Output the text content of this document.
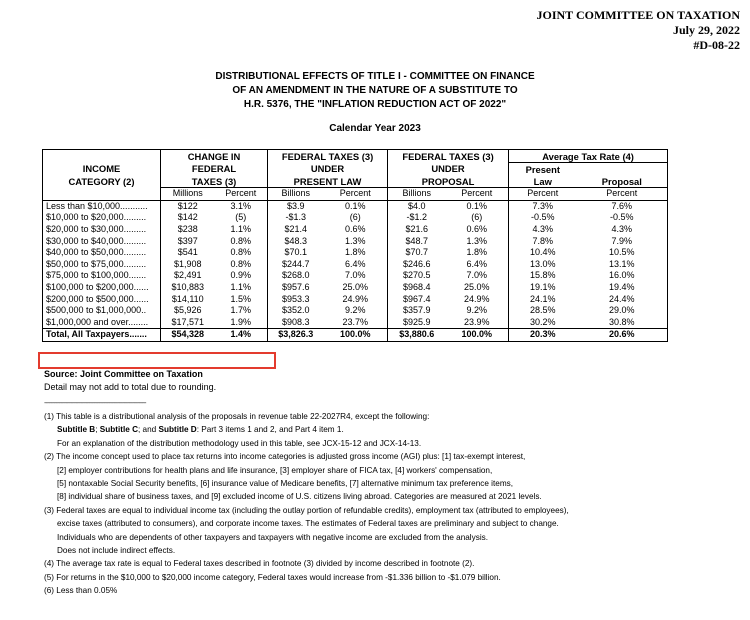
JOINT COMMITTEE ON TAXATION
July 29, 2022
#D-08-22
DISTRIBUTIONAL EFFECTS OF TITLE I - COMMITTEE ON FINANCE
OF AN AMENDMENT IN THE NATURE OF A SUBSTITUTE TO
H.R. 5376, THE "INFLATION REDUCTION ACT OF 2022"
Calendar Year 2023
	CHANGE IN		FEDERAL TAXES (3)		FEDERAL TAXES (3)		Average Tax Rate (4)	
INCOME	FEDERAL		UNDER		UNDER		Present	
CATEGORY (2)	TAXES (3)		PRESENT LAW		PROPOSAL		Law	Proposal
	Millions	Percent	Billions	Percent	Billions	Percent	Percent	Percent
Less than $10,000...........	$122	3.1%	$3.9	0.1%	$4.0	0.1%	7.3%	7.6%
$10,000 to $20,000.........	$142	(5)	-$1.3	(6)	-$1.2	(6)	-0.5%	-0.5%
$20,000 to $30,000.........	$238	1.1%	$21.4	0.6%	$21.6	0.6%	4.3%	4.3%
$30,000 to $40,000.........	$397	0.8%	$48.3	1.3%	$48.7	1.3%	7.8%	7.9%
$40,000 to $50,000.........	$541	0.8%	$70.1	1.8%	$70.7	1.8%	10.4%	10.5%
$50,000 to $75,000.........	$1,908	0.8%	$244.7	6.4%	$246.6	6.4%	13.0%	13.1%
$75,000 to $100,000.......	$2,491	0.9%	$268.0	7.0%	$270.5	7.0%	15.8%	16.0%
$100,000 to $200,000......	$10,883	1.1%	$957.6	25.0%	$968.4	25.0%	19.1%	19.4%
$200,000 to $500,000......	$14,110	1.5%	$953.3	24.9%	$967.4	24.9%	24.1%	24.4%
$500,000 to $1,000,000..	$5,926	1.7%	$352.0	9.2%	$357.9	9.2%	28.5%	29.0%
$1,000,000 and over........	$17,571	1.9%	$908.3	23.7%	$925.9	23.9%	30.2%	30.8%
Total, All Taxpayers.......	$54,328	1.4%	$3,826.3	100.0%	$3,880.6	100.0%	20.3%	20.6%
Source: Joint Committee on Taxation
Detail may not add to total due to rounding.
-------------------------------------------------------------
(1) This table is a distributional analysis of the proposals in revenue table 22-2027R4, except the following:
Subtitle B; Subtitle C; and Subtitle D: Part 3 items 1 and 2, and Part 4 item 1.
For an explanation of the distribution methodology used in this table, see JCX-15-12 and JCX-14-13.
(2) The income concept used to place tax returns into income categories is adjusted gross income (AGI) plus: [1] tax-exempt interest,
[2] employer contributions for health plans and life insurance, [3] employer share of FICA tax, [4] workers' compensation,
[5] nontaxable Social Security benefits, [6] insurance value of Medicare benefits, [7] alternative minimum tax preference items,
[8] individual share of business taxes, and [9] excluded income of U.S. citizens living abroad. Categories are measured at 2021 levels.
(3) Federal taxes are equal to individual income tax (including the outlay portion of refundable credits), employment tax (attributed to employees),
excise taxes (attributed to consumers), and corporate income taxes. The estimates of Federal taxes are preliminary and subject to change.
Individuals who are dependents of other taxpayers and taxpayers with negative income are excluded from the analysis.
Does not include indirect effects.
(4) The average tax rate is equal to Federal taxes described in footnote (3) divided by income described in footnote (2).
(5) For returns in the $10,000 to $20,000 income category, Federal taxes would increase from -$1.336 billion to -$1.079 billion.
(6) Less than 0.05%
